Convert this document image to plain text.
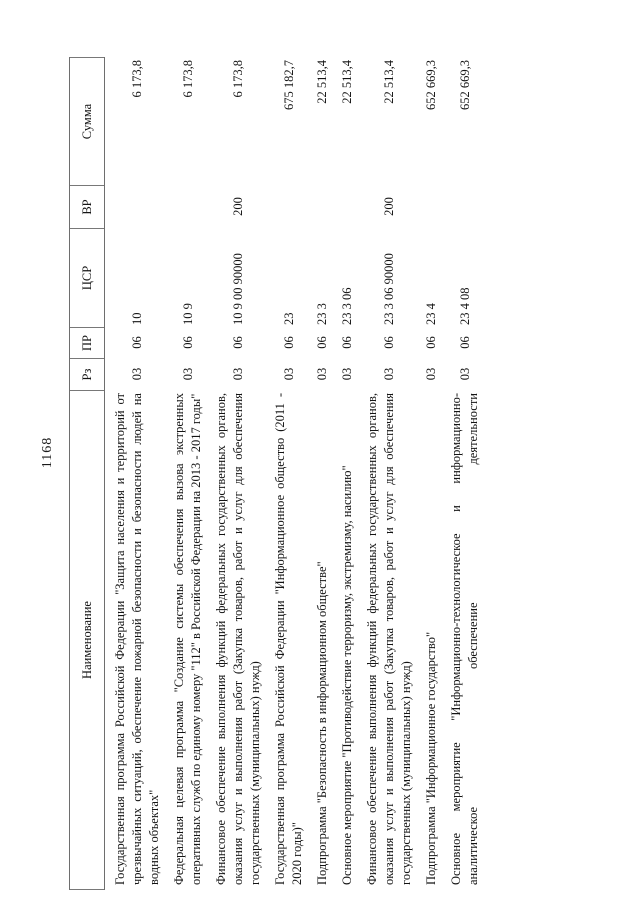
1168
Наименование
Рз
ПР
ЦСР
ВР
Сумма
Государственная программа Российской Федерации "Защита населения и территорий от чрезвычайных ситуаций, обеспечение пожарной безопасности и безопасности людей на водных объектах"
03
06
10
6 173,8
Федеральная целевая программа "Создание системы обеспечения вызова экстренных оперативных служб по единому номеру "112" в Российской Федерации на 2013 - 2017 годы"
03
06
10 9
6 173,8
Финансовое обеспечение выполнения функций федеральных государственных органов, оказания услуг и выполнения работ (Закупка товаров, работ и услуг для обеспечения государственных (муниципальных) нужд)
03
06
10 9 00 90000
200
6 173,8
Государственная программа Российской Федерации "Информационное общество (2011 - 2020 годы)"
03
06
23
675 182,7
Подпрограмма "Безопасность в информационном обществе"
03
06
23 3
22 513,4
Основное мероприятие "Противодействие терроризму, экстремизму, насилию"
03
06
23 3 06
22 513,4
Финансовое обеспечение выполнения функций федеральных государственных органов, оказания услуг и выполнения работ (Закупка товаров, работ и услуг для обеспечения государственных (муниципальных) нужд)
03
06
23 3 06 90000
200
22 513,4
Подпрограмма "Информационное государство"
03
06
23 4
652 669,3
Основное мероприятие "Информационно-технологическое и информационно-аналитическое обеспечение деятельности
03
06
23 4 08
652 669,3
